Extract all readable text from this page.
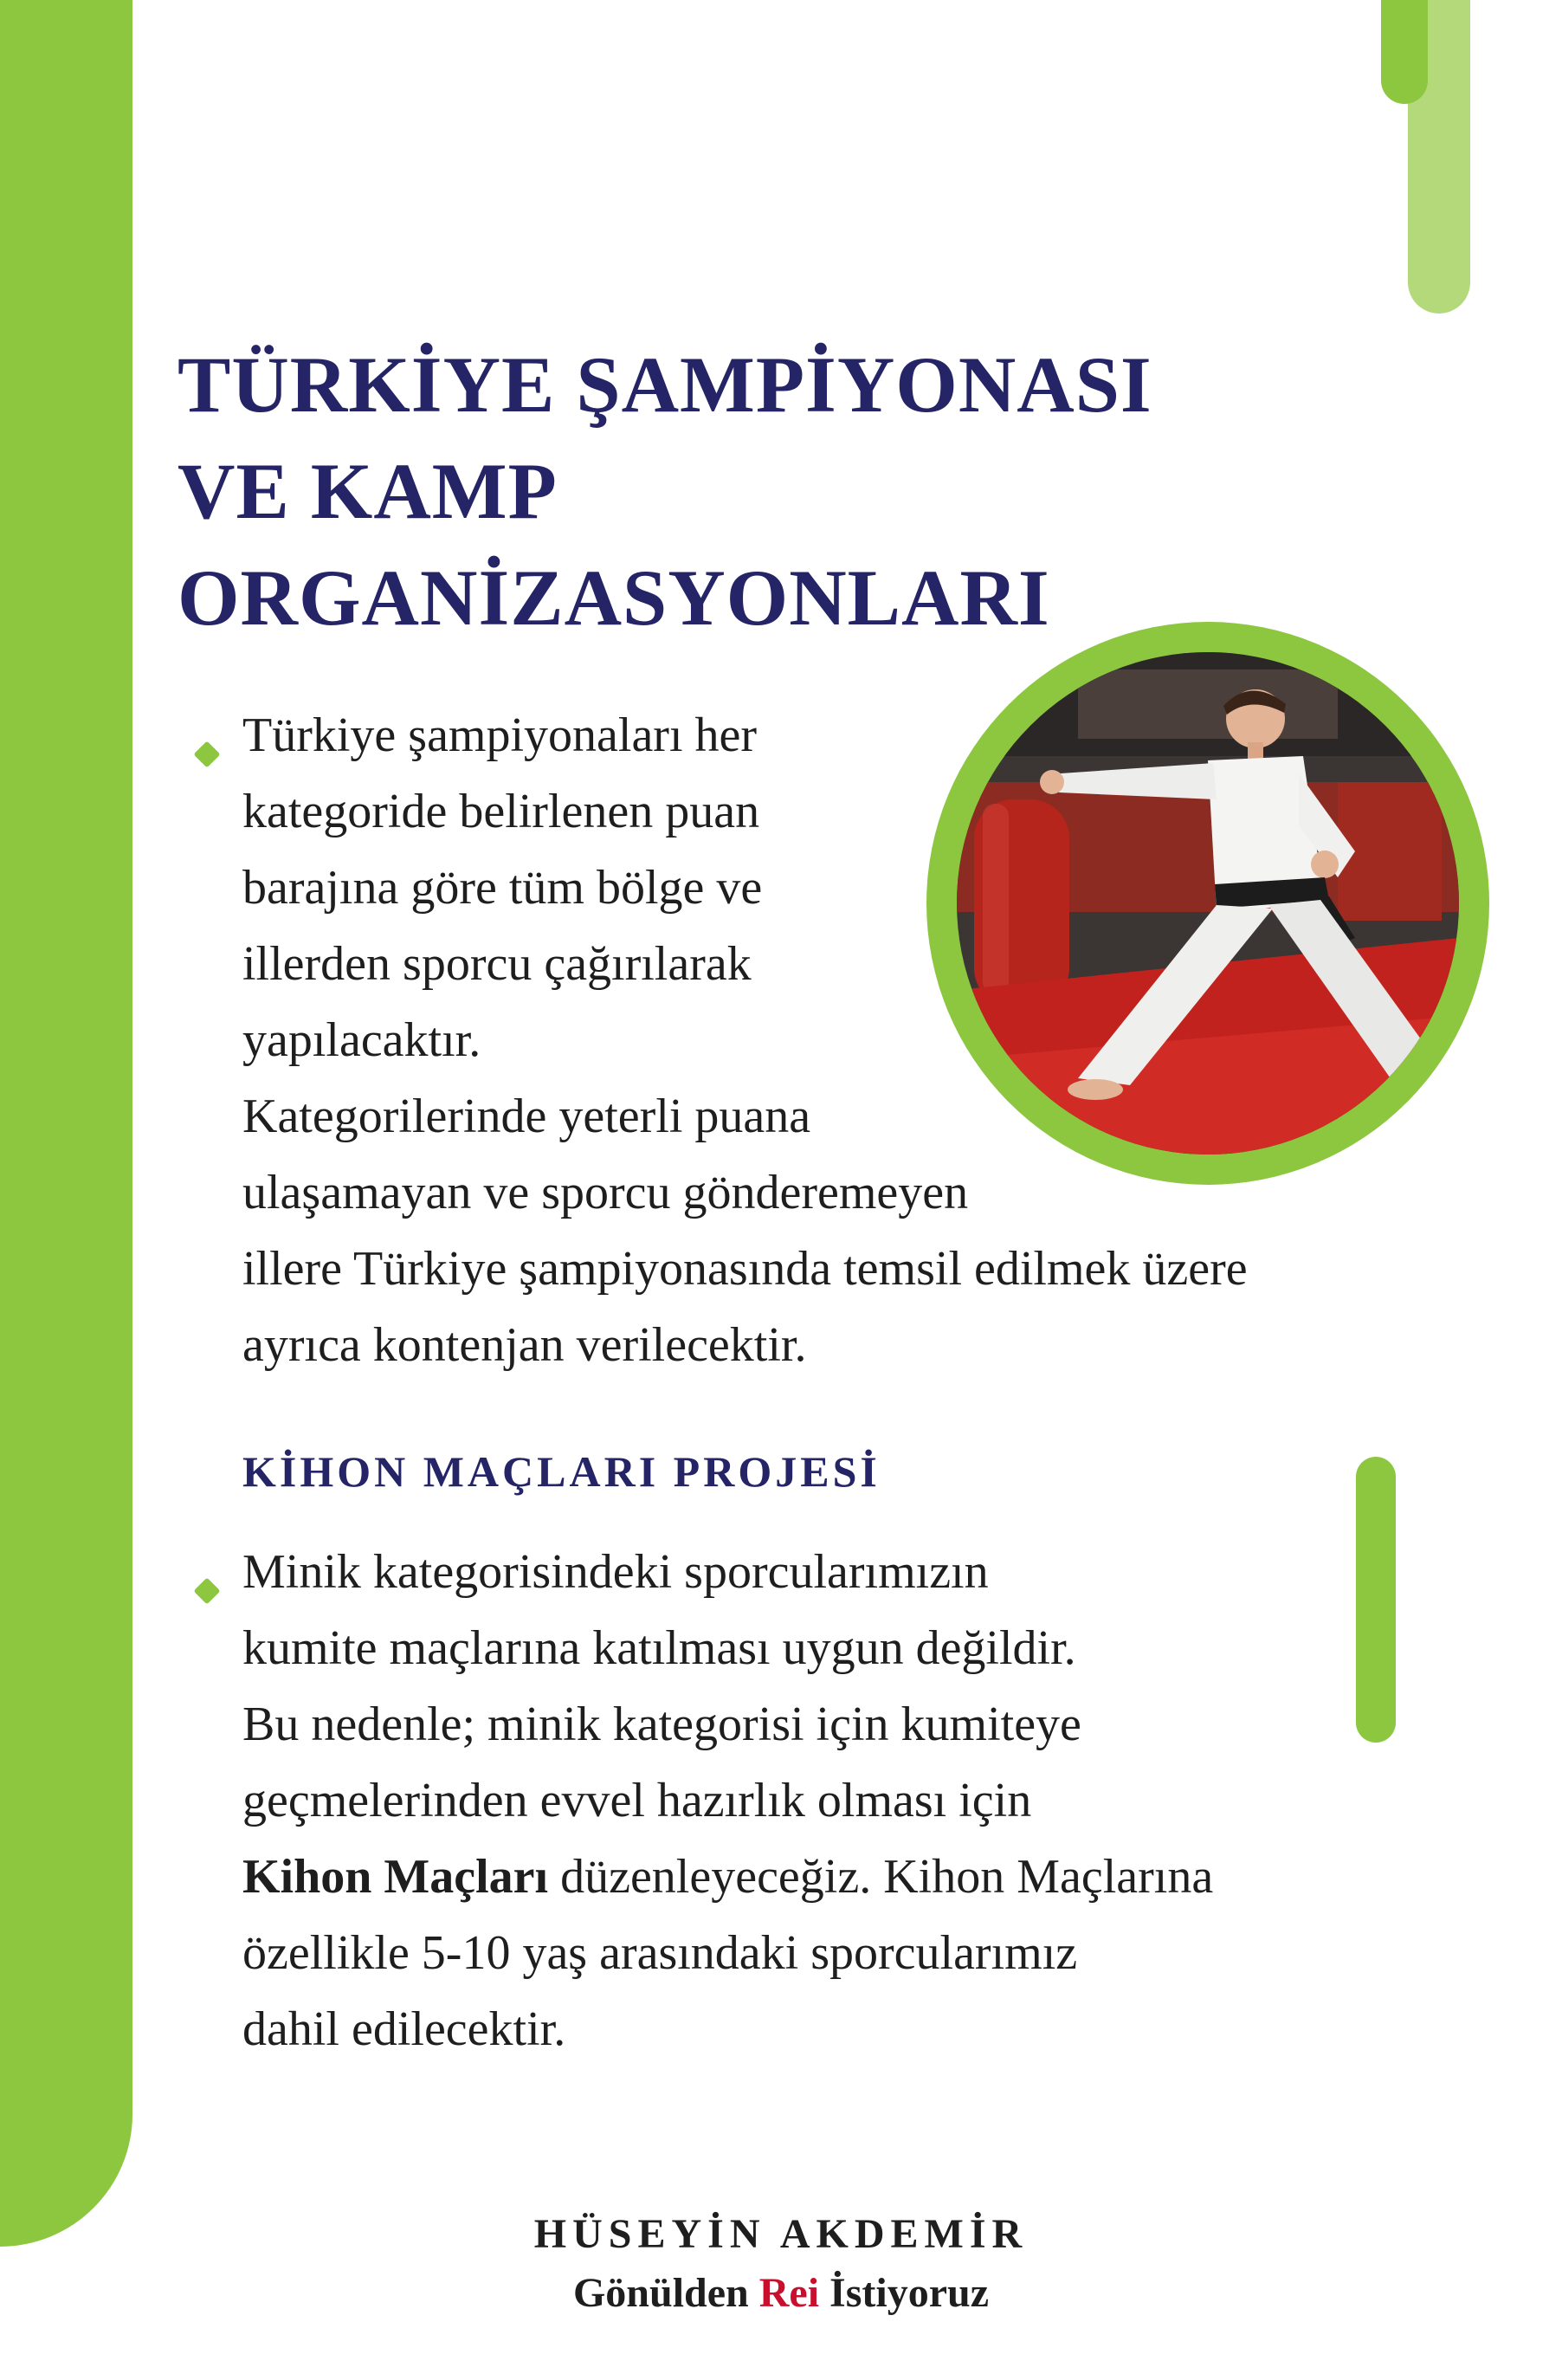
TÜRKİYE ŞAMPİYONASI
VE KAMP
ORGANİZASYONLARI

Türkiye şampiyonaları her
kategoride belirlenen puan
barajına göre tüm bölge ve
illerden sporcu çağırılarak
yapılacaktır.
Kategorilerinde yeterli puana
ulaşamayan ve sporcu gönderemeyen
illere Türkiye şampiyonasında temsil edilmek üzere
ayrıca kontenjan verilecektir.

KİHON MAÇLARI PROJESİ

Minik kategorisindeki sporcularımızın
kumite maçlarına katılması uygun değildir.
Bu nedenle; minik kategorisi için kumiteye
geçmelerinden evvel hazırlık olması için
Kihon Maçları düzenleyeceğiz. Kihon Maçlarına
özellikle 5-10 yaş arasındaki sporcularımız
dahil edilecektir.

HÜSEYİN AKDEMİR
Gönülden Rei İstiyoruz
